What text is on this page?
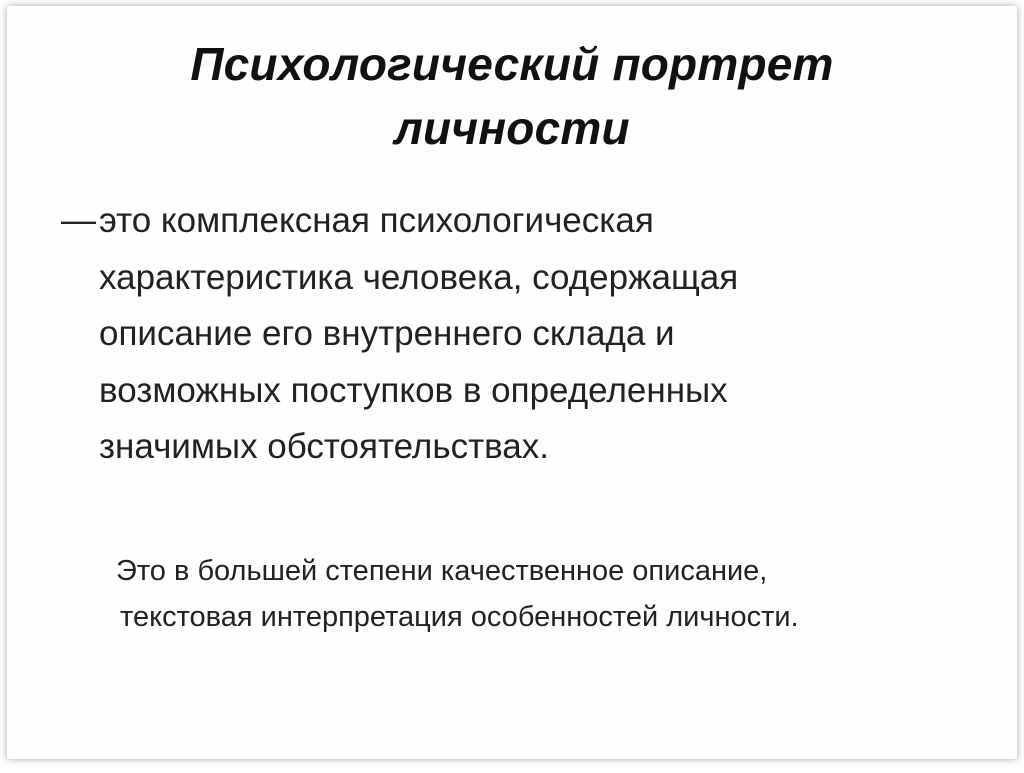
Психологический портрет
личности
—это комплексная психологическая
характеристика человека, содержащая
описание его внутреннего склада и
возможных поступков в определенных
значимых обстоятельствах.
Это в большей степени качественное описание,
текстовая интерпретация особенностей личности.
